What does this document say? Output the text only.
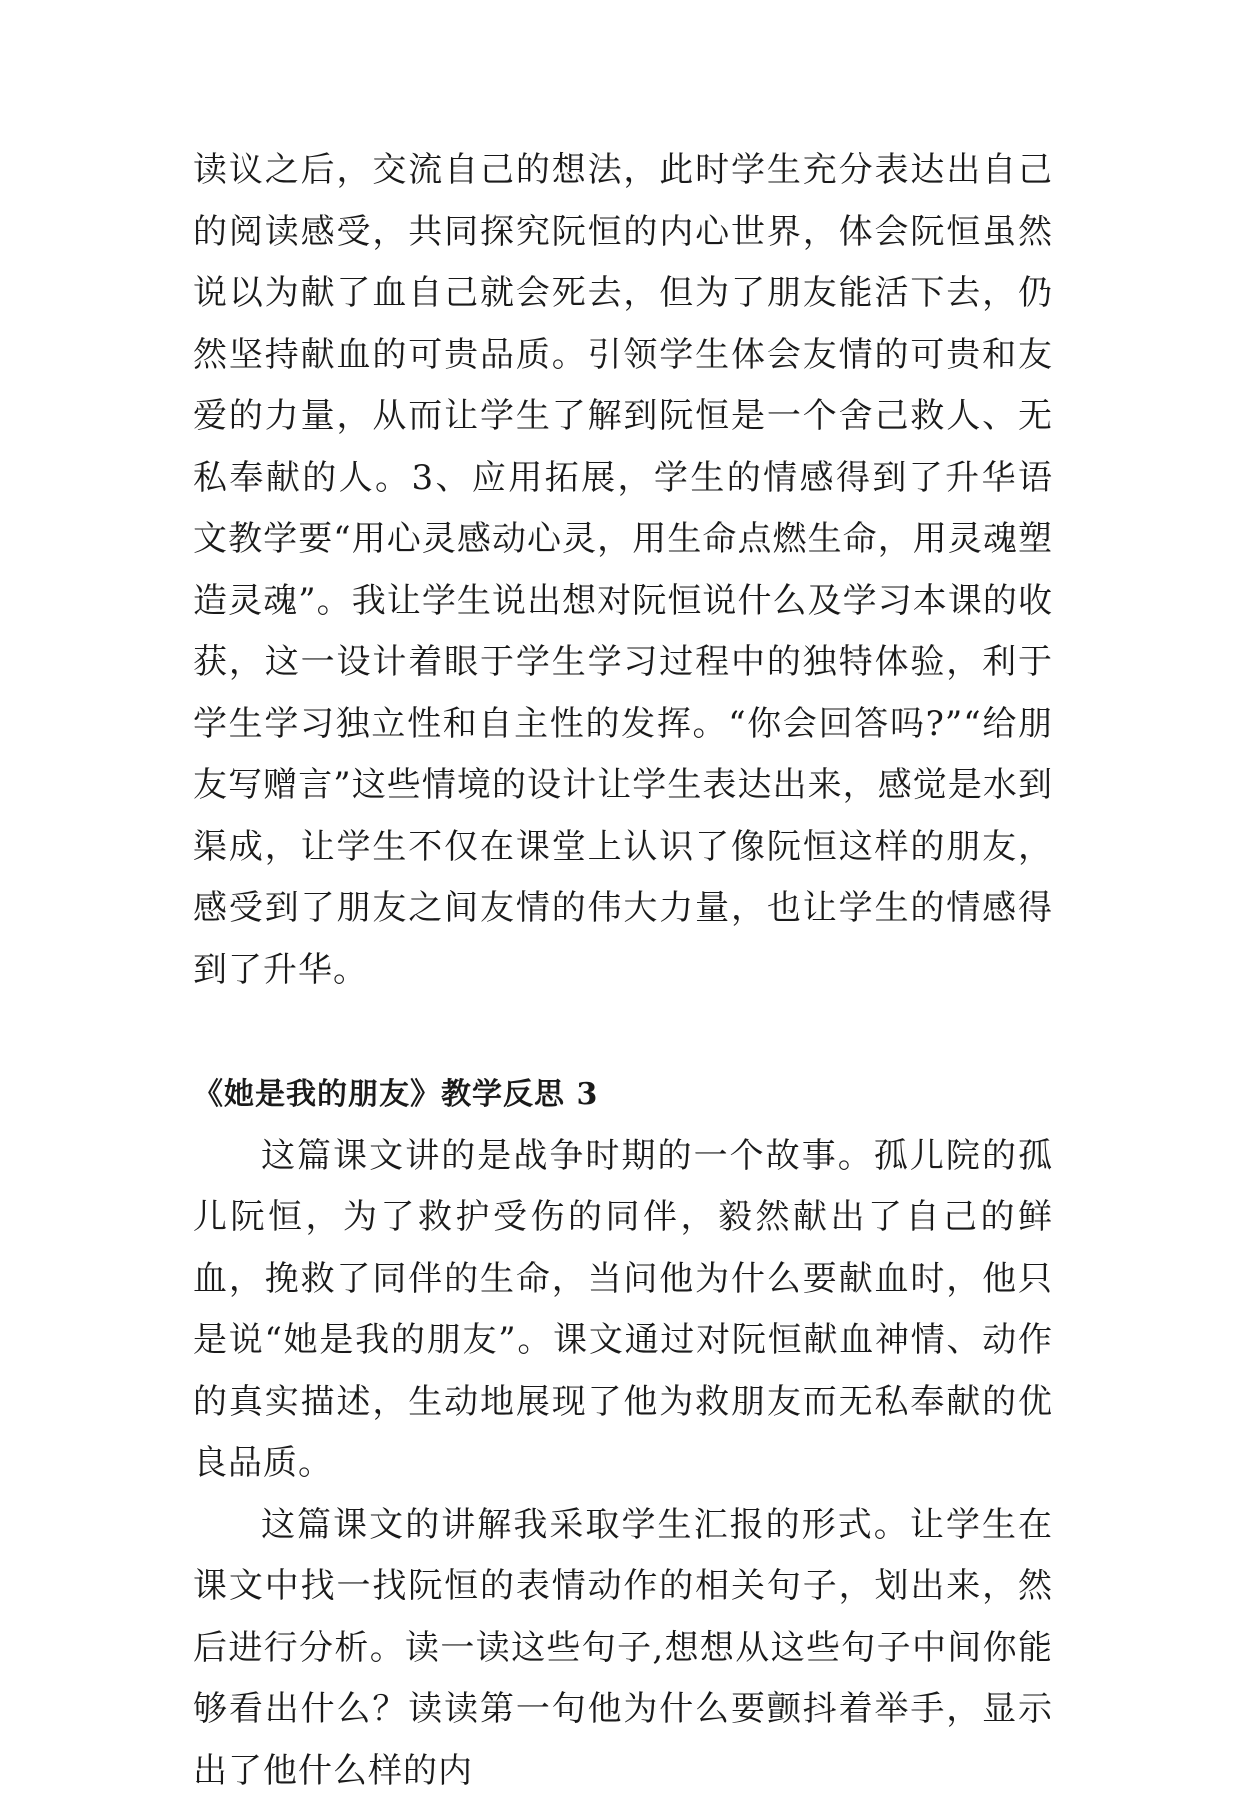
读议之后，交流自己的想法，此时学生充分表达出自己的阅读感受，共同探究阮恒的内心世界，体会阮恒虽然说以为献了血自己就会死去，但为了朋友能活下去，仍然坚持献血的可贵品质。引领学生体会友情的可贵和友爱的力量，从而让学生了解到阮恒是一个舍己救人、无私奉献的人。3、应用拓展，学生的情感得到了升华语文教学要“用心灵感动心灵，用生命点燃生命，用灵魂塑造灵魂”。我让学生说出想对阮恒说什么及学习本课的收获，这一设计着眼于学生学习过程中的独特体验，利于学生学习独立性和自主性的发挥。“你会回答吗?”“给朋友写赠言”这些情境的设计让学生表达出来，感觉是水到渠成，让学生不仅在课堂上认识了像阮恒这样的朋友，感受到了朋友之间友情的伟大力量，也让学生的情感得到了升华。

《她是我的朋友》教学反思 3

这篇课文讲的是战争时期的一个故事。孤儿院的孤儿阮恒，为了救护受伤的同伴，毅然献出了自己的鲜血，挽救了同伴的生命，当问他为什么要献血时，他只是说“她是我的朋友”。课文通过对阮恒献血神情、动作的真实描述，生动地展现了他为救朋友而无私奉献的优良品质。

这篇课文的讲解我采取学生汇报的形式。让学生在课文中找一找阮恒的表情动作的相关句子，划出来，然后进行分析。读一读这些句子,想想从这些句子中间你能够看出什么？读读第一句他为什么要颤抖着举手，显示出了他什么样的内
